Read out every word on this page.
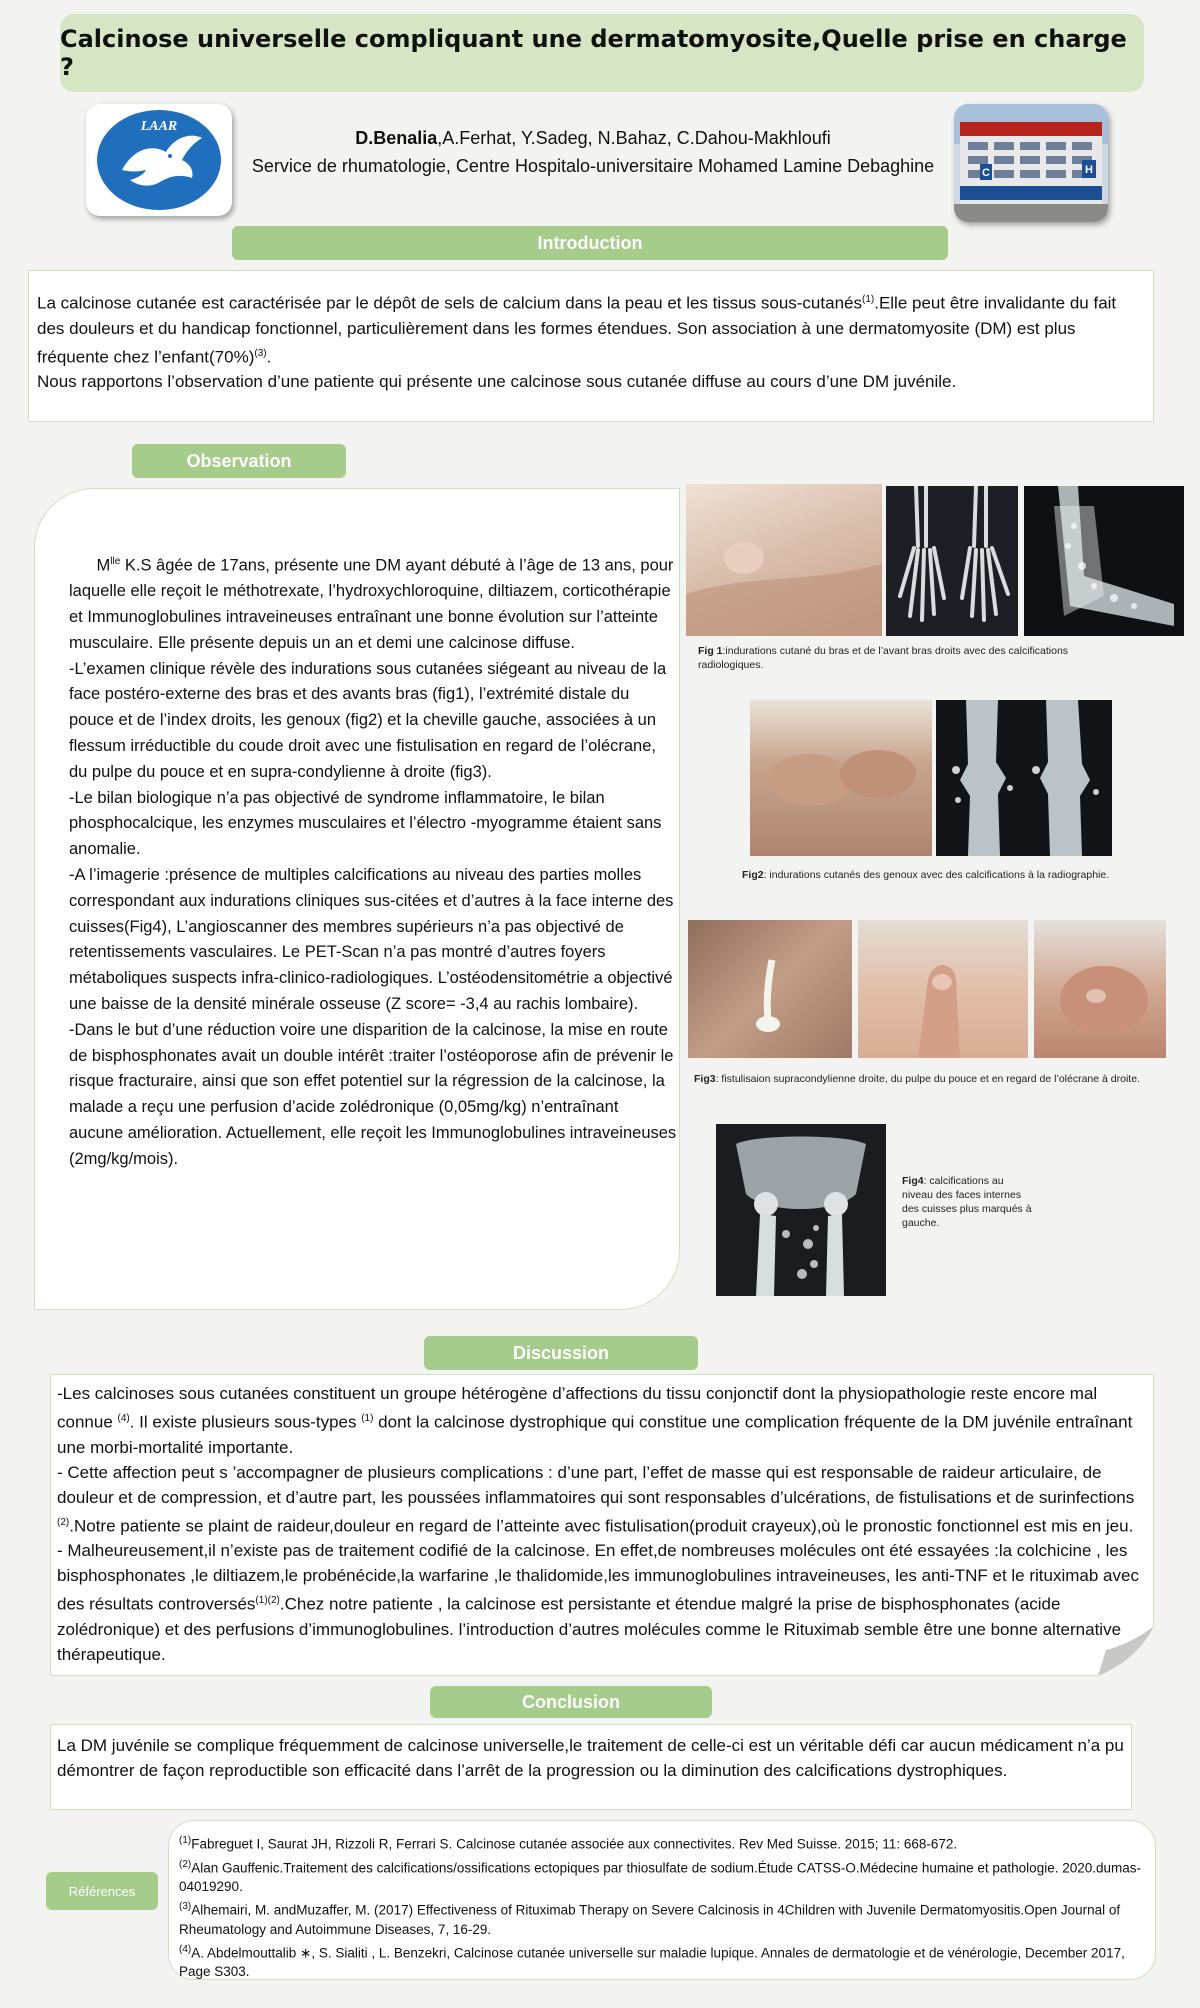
Calcinose universelle compliquant une dermatomyosite,Quelle prise en charge ?
LAAR
D.Benalia,A.Ferhat, Y.Sadeg, N.Bahaz, C.Dahou-Makhloufi
Service de rhumatologie, Centre Hospitalo-universitaire Mohamed Lamine Debaghine	C	H
Introduction

La calcinose cutanée est caractérisée par le dépôt de sels de calcium dans la peau et les tissus sous-cutanés$^{(1)}$.Elle peut être invalidante du fait des douleurs et du handicap fonctionnel, particulièrement dans les formes étendues. Son association à une dermatomyosite (DM) est plus fréquente chez $l’enfant(70\%)^{(3)}$.

Nous rapportons l’observation d’une patiente qui présente une calcinose sous cutanée diffuse au cours d’une DM juvénile.

Observation

$M^{lle}$ K.S âgée de 17ans, présente une DM ayant débuté à l’âge de 13 ans, pour laquelle elle reçoit le méthotrexate, l’hydroxychloroquine, diltiazem, corticothérapie et Immunoglobulines intraveineuses entraînant une bonne évolution sur l’atteinte musculaire. Elle présente depuis un an et demi une calcinose diffuse.

-L’examen clinique révèle des indurations sous cutanées siégeant au niveau de la face postéro-externe des bras et des avants bras (fig1), l’extrémité distale du pouce et de l’index droits, les genoux (fig2) et la cheville gauche, associées à un flessum irréductible du coude droit avec une fistulisation en regard de l’olécrane, du pulpe du pouce et en supra-condylienne à droite (fig3).

-Le bilan biologique n’a pas objectivé de syndrome inflammatoire, le bilan phosphocalcique, les enzymes musculaires et l’électro -myogramme étaient sans anomalie.

-A l’imagerie :présence de multiples calcifications au niveau des parties molles correspondant aux indurations cliniques sus-citées et d’autres à la face interne des cuisses(Fig4), L’angioscanner des membres supérieurs n’a pas objectivé de retentissements vasculaires. Le PET-Scan n’a pas montré d’autres foyers métaboliques suspects infra-clinico-radiologiques. L’ostéodensitométrie a objectivé une baisse de la densité minérale osseuse (Z score= -3,4 au rachis lombaire).

-Dans le but d’une réduction voire une disparition de la calcinose, la mise en route de bisphosphonates avait un double intérêt :traiter l’ostéoporose afin de prévenir le risque fracturaire, ainsi que son effet potentiel sur la régression de la calcinose, la malade a reçu une perfusion d’acide zolédronique (0,05mg/kg) n’entraînant aucune amélioration. Actuellement, elle reçoit les Immunoglobulines intraveineuses (2mg/kg/mois).

Fig 1:indurations cutané du bras et de l’avant bras droits avec des calcifications radiologiques.
Fig2: indurations cutanés des genoux avec des calcifications à la radiographie.
Fig3: fistulisaion supracondylienne droite, du pulpe du pouce et en regard de l’olécrane à droite.
Fig4: calcifications au niveau des faces internes des cuisses plus marqués à gauche.
Discussion

-Les calcinoses sous cutanées constituent un groupe hétérogène d’affections du tissu conjonctif dont la physiopathologie reste encore mal connue $^{(4)}$. Il existe plusieurs sous-types $^{(1)}$ dont la calcinose dystrophique qui constitue une complication fréquente de la DM juvénile entraînant une morbi-mortalité importante.

- Cette affection peut s ’accompagner de plusieurs complications : d’une part, l’effet de masse qui est responsable de raideur articulaire, de douleur et de compression, et d’autre part, les poussées inflammatoires qui sont responsables d’ulcérations, de fistulisations et de surinfections $^{(2)}$.Notre patiente se plaint de raideur,douleur en regard de l’atteinte avec fistulisation(produit crayeux),où le pronostic fonctionnel est mis en jeu.

- Malheureusement,il n’existe pas de traitement codifié de la calcinose. En effet,de nombreuses molécules ont été essayées :la colchicine , les bisphosphonates ,le diltiazem,le probénécide,la warfarine ,le thalidomide,les immunoglobulines intraveineuses, les anti-TNF et le rituximab avec des résultats controversés$^{(1)(2)}$.Chez notre patiente , la calcinose est persistante et étendue malgré la prise de bisphosphonates (acide zolédronique) et des perfusions d’immunoglobulines. l’introduction d’autres molécules comme le Rituximab semble être une bonne alternative thérapeutique.

Conclusion

La DM juvénile se complique fréquemment de calcinose universelle,le traitement de celle-ci est un véritable défi car aucun médicament n’a pu démontrer de façon reproductible son efficacité dans l’arrêt de la progression ou la diminution des calcifications dystrophiques.

Références

$^{(1)}$Fabreguet I, Saurat JH, Rizzoli R, Ferrari S. Calcinose cutanée associée aux connectivites. Rev Med Suisse. 2015; 11: 668-672.

$^{(2)}$Alan Gauffenic.Traitement des calcifications/ossifications ectopiques par thiosulfate de sodium.Étude CATSS-O.Médecine humaine et pathologie. 2020.dumas-04019290.

$^{(3)}$Alhemairi, M. andMuzaffer, M. (2017) Effectiveness of Rituximab Therapy on Severe Calcinosis in 4Children with Juvenile Dermatomyositis.Open Journal of Rheumatology and Autoimmune Diseases, 7, 16-29.

$^{(4)}$A. Abdelmouttalib ∗, S. Sialiti , L. Benzekri, Calcinose cutanée universelle sur maladie lupique. Annales de dermatologie et de vénérologie, December 2017, Page S303.
